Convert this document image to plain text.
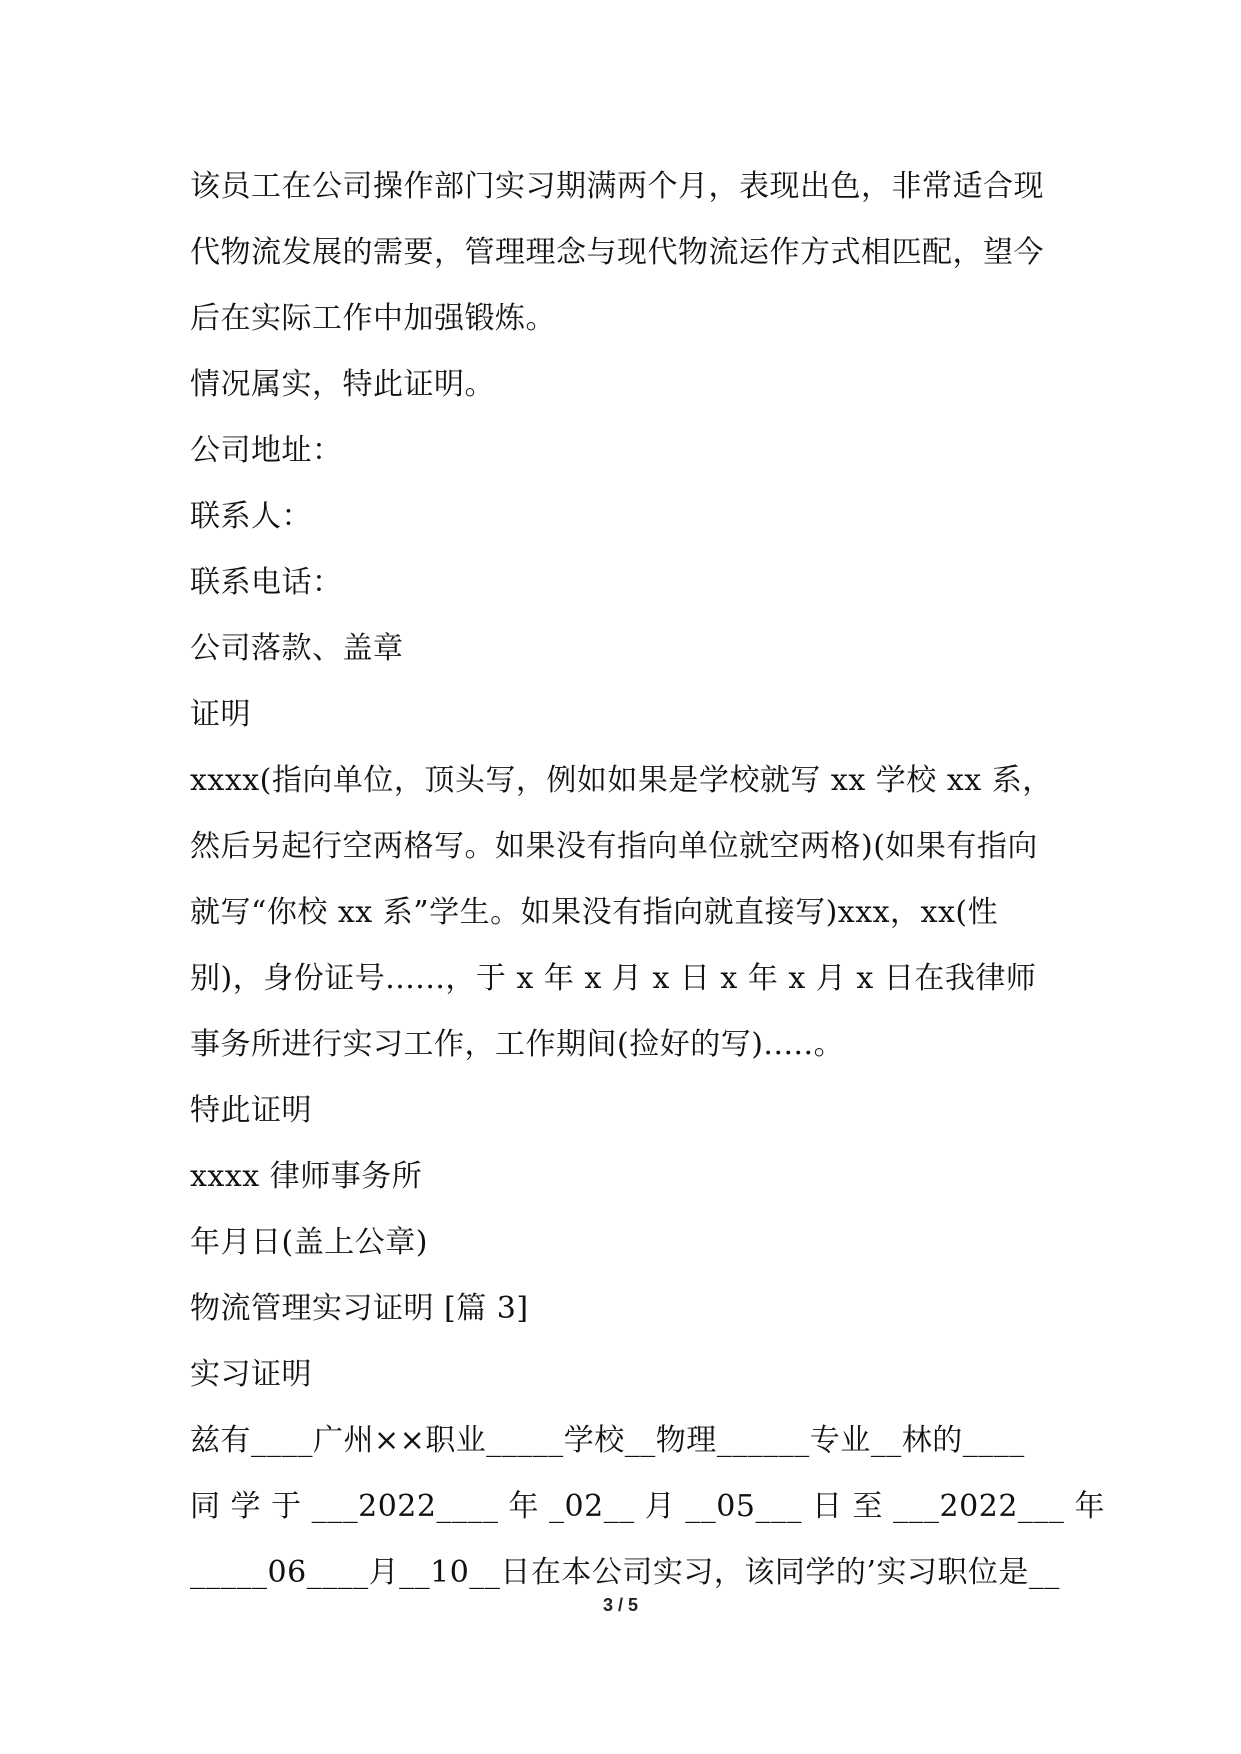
该员工在公司操作部门实习期满两个月，表现出色，非常适合现
代物流发展的需要，管理理念与现代物流运作方式相匹配，望今
后在实际工作中加强锻炼。
情况属实，特此证明。
公司地址：
联系人：
联系电话：
公司落款、盖章
证明
xxxx(指向单位，顶头写，例如如果是学校就写 xx 学校 xx 系，
然后另起行空两格写。如果没有指向单位就空两格)(如果有指向
就写“你校 xx 系”学生。如果没有指向就直接写)xxx，xx(性
别)，身份证号......，于 x 年 x 月 x 日 x 年 x 月 x 日在我律师
事务所进行实习工作，工作期间(捡好的写).....。
特此证明
xxxx 律师事务所
年月日(盖上公章)
物流管理实习证明 [篇 3]
实习证明
兹有____广州××职业_____学校__物理______专业__林的____
同 学 于 ___2022____ 年 _02__ 月 __05___ 日 至 ___2022___ 年
_____06____月__10__日在本公司实习，该同学的’实习职位是__
3 / 5
